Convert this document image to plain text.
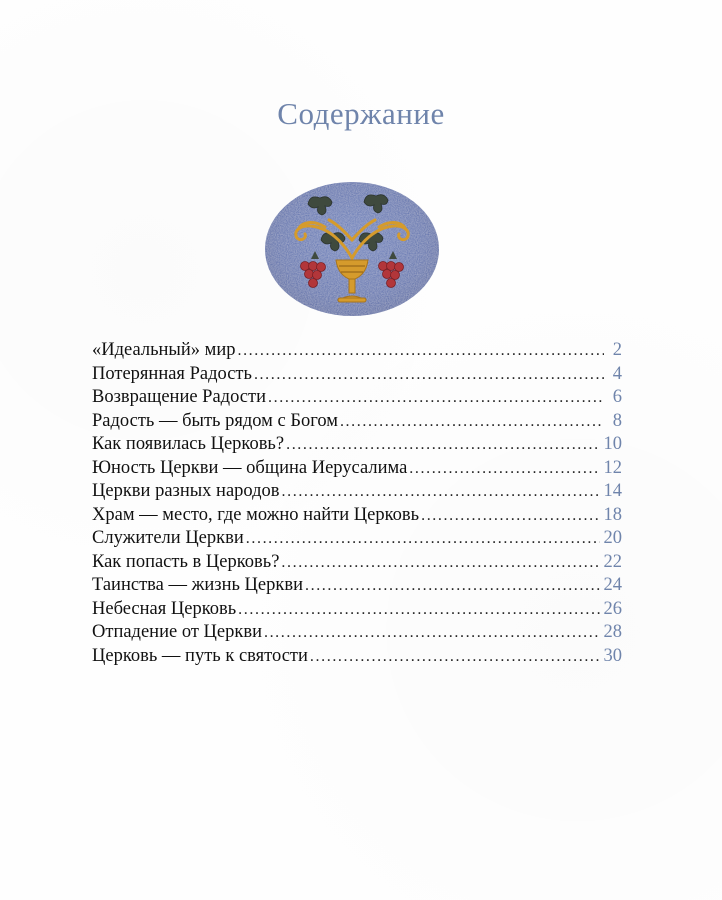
Содержание
«Идеальный» мир .....	2
Потерянная Радость .....	4
Возвращение Радости .....	6
Радость — быть рядом с Богом .....	8
Как появилась Церковь? .....	10
Юность Церкви — община Иерусалима .....	12
Церкви разных народов .....	14
Храм — место, где можно найти Церковь .....	18
Служители Церкви .....	20
Как попасть в Церковь? .....	22
Таинства — жизнь Церкви .....	24
Небесная Церковь .....	26
Отпадение от Церкви .....	28
Церковь — путь к святости .....	30
